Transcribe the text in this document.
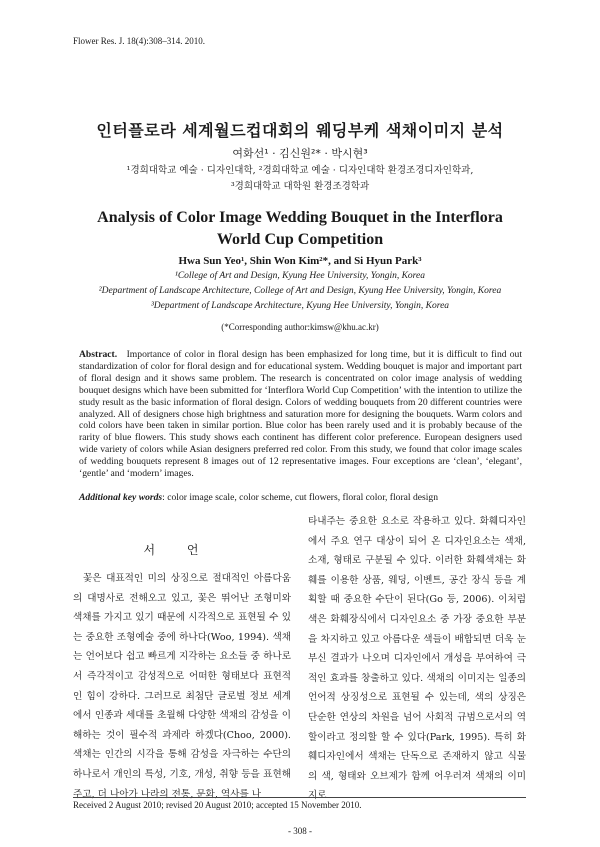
Flower Res. J. 18(4):308–314. 2010.
인터플로라 세계월드컵대회의 웨딩부케 색채이미지 분석
여화선¹ · 김신원²* · 박시현³
¹경희대학교 예술 · 디자인대학, ²경희대학교 예술 · 디자인대학 환경조경디자인학과,
³경희대학교 대학원 환경조경학과
Analysis of Color Image Wedding Bouquet in the Interflora
World Cup Competition
Hwa Sun Yeo¹, Shin Won Kim²*, and Si Hyun Park³
¹College of Art and Design, Kyung Hee University, Yongin, Korea
²Department of Landscape Architecture, College of Art and Design, Kyung Hee University, Yongin, Korea
³Department of Landscape Architecture, Kyung Hee University, Yongin, Korea
(*Corresponding author:kimsw@khu.ac.kr)
Abstract. Importance of color in floral design has been emphasized for long time, but it is difficult to find out standardization of color for floral design and for educational system. Wedding bouquet is major and important part of floral design and it shows same problem. The research is concentrated on color image analysis of wedding bouquet designs which have been submitted for ‘Interflora World Cup Competition’ with the intention to utilize the study result as the basic information of floral design. Colors of wedding bouquets from 20 different countries were analyzed. All of designers chose high brightness and saturation more for designing the bouquets. Warm colors and cold colors have been taken in similar portion. Blue color has been rarely used and it is probably because of the rarity of blue flowers. This study shows each continent has different color preference. European designers used wide variety of colors while Asian designers preferred red color. From this study, we found that color image scales of wedding bouquets represent 8 images out of 12 representative images. Four exceptions are ‘clean’, ‘elegant’, ‘gentle’ and ‘modern’ images.
Additional key words: color image scale, color scheme, cut flowers, floral color, floral design
서 언
꽃은 대표적인 미의 상징으로 절대적인 아름다움의 대명사로 전해오고 있고, 꽃은 뛰어난 조형미와 색채를 가지고 있기 때문에 시각적으로 표현될 수 있는 중요한 조형예술 중에 하나다(Woo, 1994). 색채는 언어보다 쉽고 빠르게 지각하는 요소들 중 하나로서 즉각적이고 감성적으로 어떠한 형태보다 표현적인 힘이 강하다. 그러므로 최첨단 글로벌 정보 세계에서 인종과 세대를 초월해 다양한 색채의 감성을 이해하는 것이 필수적 과제라 하겠다(Choo, 2000). 색채는 인간의 시각을 통해 감성을 자극하는 수단의 하나로서 개인의 특성, 기호, 개성, 취향 등을 표현해 주고, 더 나아가 나라의 전통, 문화, 역사를 나
타내주는 중요한 요소로 작용하고 있다. 화훼디자인에서 주요 연구 대상이 되어 온 디자인요소는 색채, 소재, 형태로 구분될 수 있다. 이러한 화훼색채는 화훼를 이용한 상품, 웨딩, 이벤트, 공간 장식 등을 계획할 때 중요한 수단이 된다(Go 등, 2006). 이처럼 색은 화훼장식에서 디자인요소 중 가장 중요한 부분을 차지하고 있고 아름다운 색들이 배합되면 더욱 눈부신 결과가 나오며 디자인에서 개성을 부여하여 극적인 효과를 창출하고 있다. 색채의 이미지는 일종의 언어적 상징성으로 표현될 수 있는데, 색의 상징은 단순한 연상의 차원을 넘어 사회적 규범으로서의 역할이라고 정의할 할 수 있다(Park, 1995). 특히 화훼디자인에서 색채는 단독으로 존재하지 않고 식물의 색, 형태와 오브제가 함께 어우러져 색채의 이미지로
Received 2 August 2010; revised 20 August 2010; accepted 15 November 2010.
- 308 -
